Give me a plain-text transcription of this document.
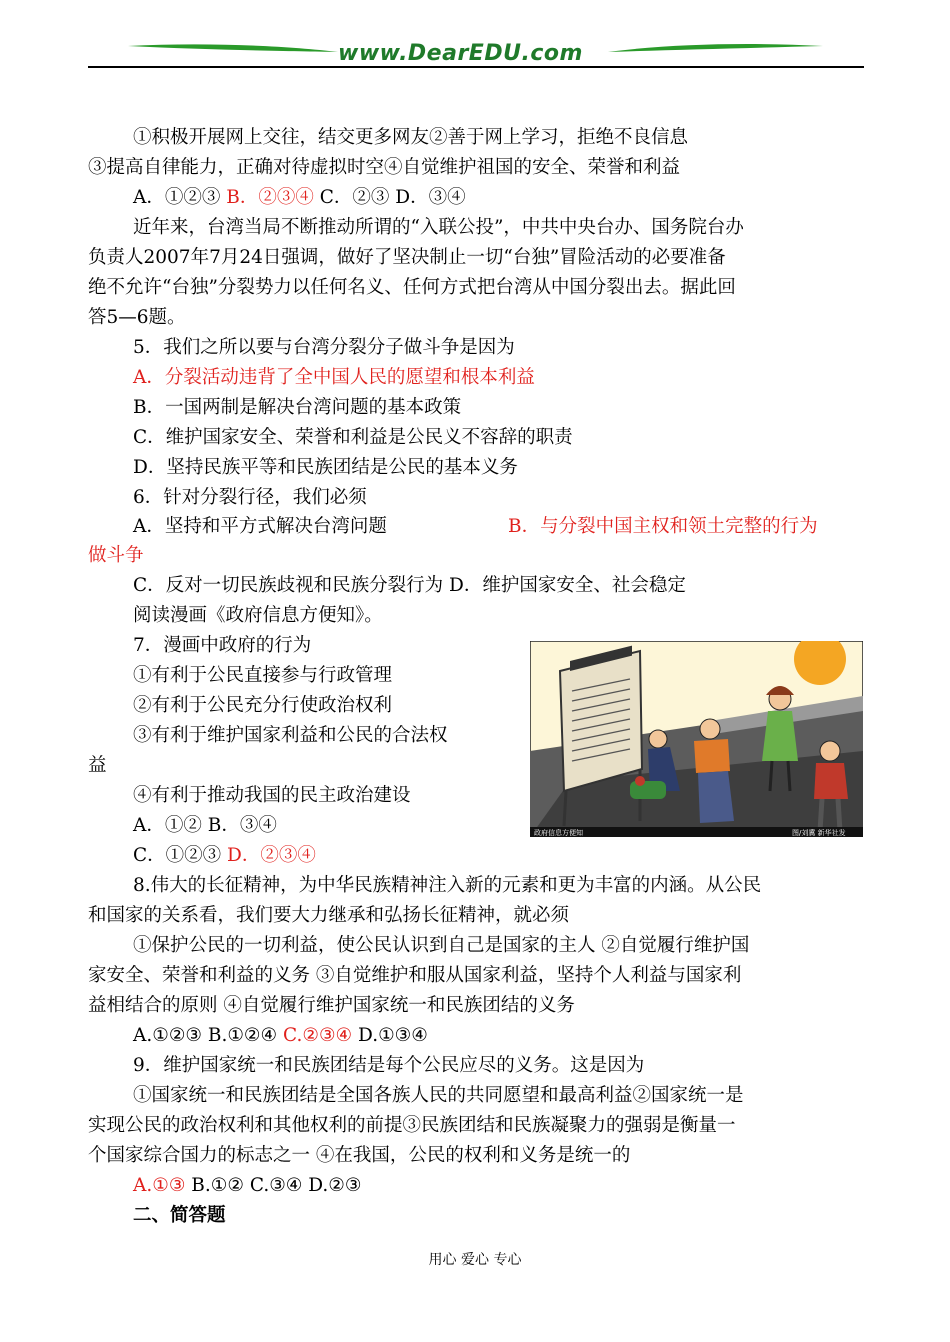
www.DearEDU.com
①积极开展网上交往，结交更多网友②善于网上学习，拒绝不良信息
③提高自律能力，正确对待虚拟时空④自觉维护祖国的安全、荣誉和利益
A．①②③ B．②③④ C．②③ D．③④
近年来，台湾当局不断推动所谓的“入联公投”，中共中央台办、国务院台办
负责人2007年7月24日强调，做好了坚决制止一切“台独”冒险活动的必要准备
绝不允许“台独”分裂势力以任何名义、任何方式把台湾从中国分裂出去。据此回
答5—6题。
5．我们之所以要与台湾分裂分子做斗争是因为
A．分裂活动违背了全中国人民的愿望和根本利益
B．一国两制是解决台湾问题的基本政策
C．维护国家安全、荣誉和利益是公民义不容辞的职责
D．坚持民族平等和民族团结是公民的基本义务
6．针对分裂行径，我们必须
A．坚持和平方式解决台湾问题	B．与分裂中国主权和领土完整的行为
做斗争
C．反对一切民族歧视和民族分裂行为 D．维护国家安全、社会稳定
阅读漫画《政府信息方便知》。
7．漫画中政府的行为
①有利于公民直接参与行政管理
②有利于公民充分行使政治权利
③有利于维护国家利益和公民的合法权
益
④有利于推动我国的民主政治建设
A．①② B．③④
C．①②③ D．②③④
8.伟大的长征精神，为中华民族精神注入新的元素和更为丰富的内涵。从公民
和国家的关系看，我们要大力继承和弘扬长征精神，就必须
①保护公民的一切利益，使公民认识到自己是国家的主人 ②自觉履行维护国
家安全、荣誉和利益的义务 ③自觉维护和服从国家利益，坚持个人利益与国家利
益相结合的原则 ④自觉履行维护国家统一和民族团结的义务
A.①②③ B.①②④ C.②③④ D.①③④
9．维护国家统一和民族团结是每个公民应尽的义务。这是因为
①国家统一和民族团结是全国各族人民的共同愿望和最高利益②国家统一是
实现公民的政治权利和其他权利的前提③民族团结和民族凝聚力的强弱是衡量一
个国家综合国力的标志之一 ④在我国，公民的权利和义务是统一的
A.①③ B.①② C.③④ D.②③
二、简答题
政府信息方便知	图/刘冀 新华社发
用心 爱心 专心
